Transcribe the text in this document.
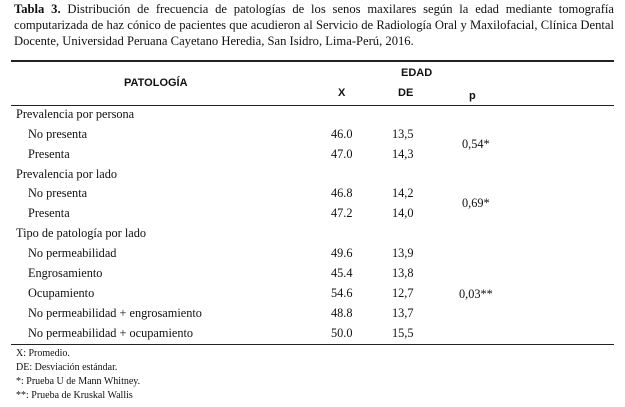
Tabla 3. Distribución de frecuencia de patologías de los senos maxilares según la edad mediante tomografía computarizada de haz cónico de pacientes que acudieron al Servicio de Radiología Oral y Maxilofacial, Clínica Dental Docente, Universidad Peruana Cayetano Heredia, San Isidro, Lima-Perú, 2016.
PATOLOGÍA
EDAD
X	DE	p
Prevalencia por persona
No presenta	46.0	13,5
Presenta	47.0	14,3
0,54*
Prevalencia por lado
No presenta	46.8	14,2
Presenta	47.2	14,0
0,69*
Tipo de patología por lado
No permeabilidad	49.6	13,9
Engrosamiento	45.4	13,8
Ocupamiento	54.6	12,7
No permeabilidad + engrosamiento	48.8	13,7
No permeabilidad + ocupamiento	50.0	15,5
0,03**
X: Promedio.
DE: Desviación estándar.
*: Prueba U de Mann Whitney.
**: Prueba de Kruskal Wallis
